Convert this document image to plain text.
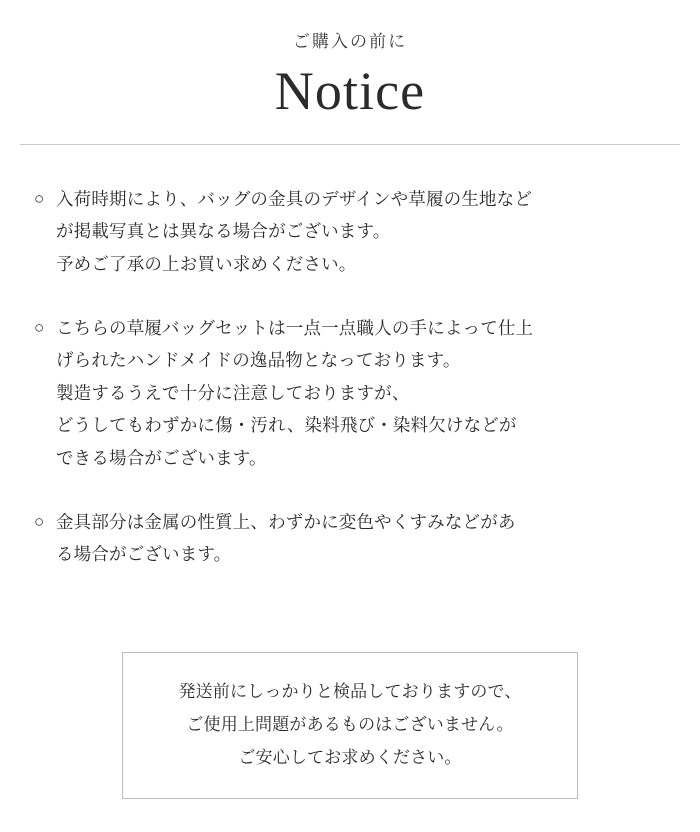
ご購入の前に
Notice
○ 入荷時期により、バッグの金具のデザインや草履の生地など

が掲載写真とは異なる場合がございます。

予めご了承の上お買い求めください。

○ こちらの草履バッグセットは一点一点職人の手によって仕上

げられたハンドメイドの逸品物となっております。

製造するうえで十分に注意しておりますが、

どうしてもわずかに傷・汚れ、染料飛び・染料欠けなどが

できる場合がございます。

○ 金具部分は金属の性質上、わずかに変色やくすみなどがあ

る場合がございます。

発送前にしっかりと検品しておりますので、

ご使用上問題があるものはございません。

ご安心してお求めください。
